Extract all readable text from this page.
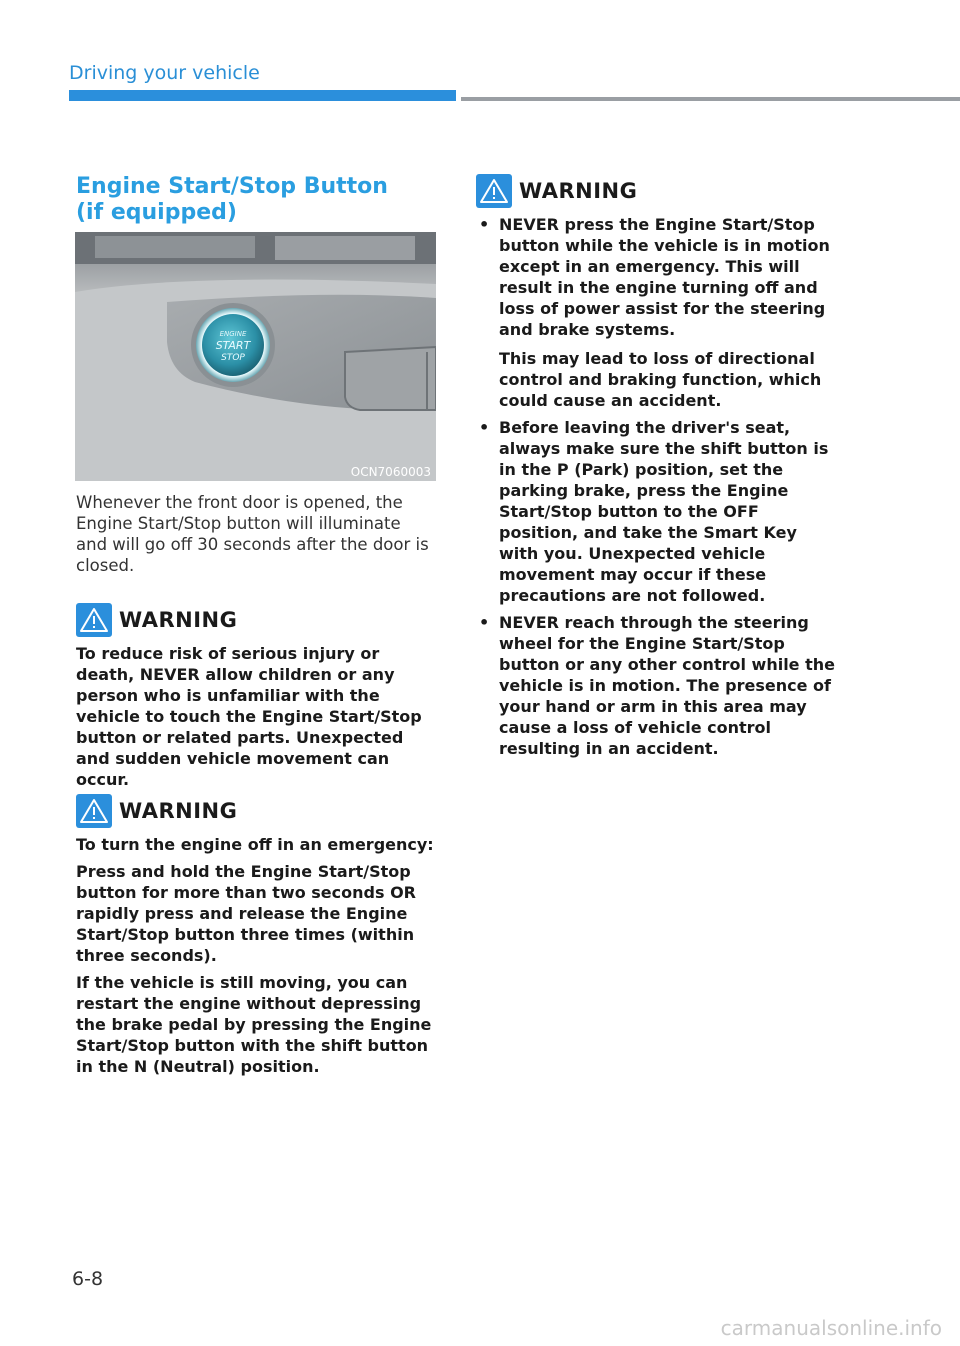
Driving your vehicle
Engine Start/Stop Button
(if equipped)
ENGINE
START
STOP
OCN7060003
Whenever the front door is opened, the Engine Start/Stop button will illuminate and will go off 30 seconds after the door is closed.
WARNING

To reduce risk of serious injury or death, NEVER allow children or any person who is unfamiliar with the vehicle to touch the Engine Start/Stop button or related parts. Unexpected and sudden vehicle movement can occur.

WARNING

To turn the engine off in an emergency:

Press and hold the Engine Start/Stop button for more than two seconds OR rapidly press and release the Engine Start/Stop button three times (within three seconds).

If the vehicle is still moving, you can restart the engine without depressing the brake pedal by pressing the Engine Start/Stop button with the shift button in the N (Neutral) position.

WARNING

• NEVER press the Engine Start/Stop button while the vehicle is in motion except in an emergency. This will result in the engine turning off and loss of power assist for the steering and brake systems.

This may lead to loss of directional control and braking function, which could cause an accident.

• Before leaving the driver's seat, always make sure the shift button is in the P (Park) position, set the parking brake, press the Engine Start/Stop button to the OFF position, and take the Smart Key with you. Unexpected vehicle movement may occur if these precautions are not followed.

• NEVER reach through the steering wheel for the Engine Start/Stop button or any other control while the vehicle is in motion. The presence of your hand or arm in this area may cause a loss of vehicle control resulting in an accident.

6-8
carmanualsonline.info
